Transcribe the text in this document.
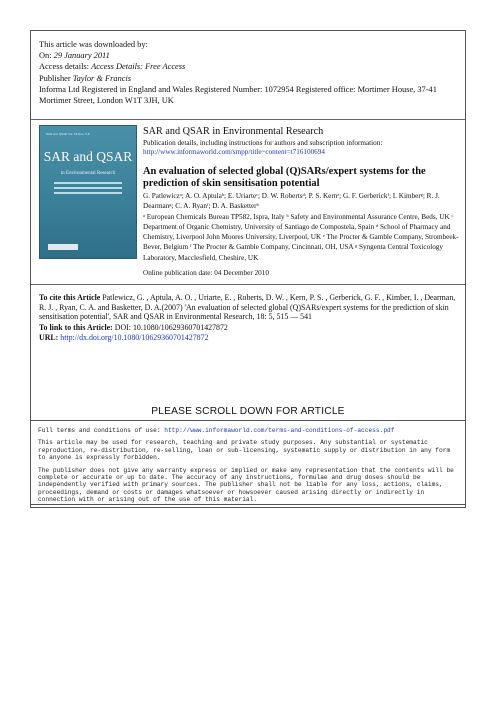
This article was downloaded by:
On: 29 January 2011
Access details: Access Details: Free Access
Publisher Taylor & Francis
Informa Ltd Registered in England and Wales Registered Number: 1072954 Registered office: Mortimer House, 37-41 Mortimer Street, London W1T 3JH, UK
SAR and QSAR Vol. 18 Nos. 5-6
SAR and QSAR
in Environmental Research
SAR and QSAR in Environmental Research
Publication details, including instructions for authors and subscription information:
http://www.informaworld.com/smpp/title~content=t716100694
An evaluation of selected global (Q)SARs/expert systems for the prediction of skin sensitisation potential
G. Patlewiczᵃ; A. O. Aptulaᵇ; E. Uriarteᶜ; D. W. Robertsᵈ; P. S. Kernᵉ; G. F. Gerberickᶠ; I. Kimberᵍ; R. J. Dearmanᵍ; C. A. Ryanᶠ; D. A. Basketterᵇ
ᵃ European Chemicals Bureau TP582, Ispra, Italy ᵇ Safety and Environmental Assurance Centre, Beds, UK ᶜ Department of Organic Chemistry, University of Santiago de Compostela, Spain ᵈ School of Pharmacy and Chemistry, Liverpool John Moores University, Liverpool, UK ᵉ The Procter & Gamble Company, Strombeek-Bever, Belgium ᶠ The Procter & Gamble Company, Cincinnati, OH, USA ᵍ Syngenta Central Toxicology Laboratory, Macclesfield, Cheshire, UK
Online publication date: 04 December 2010
To cite this Article Patlewicz, G. , Aptula, A. O. , Uriarte, E. , Roberts, D. W. , Kern, P. S. , Gerberick, G. F. , Kimber, I. , Dearman, R. J. , Ryan, C. A. and Basketter, D. A.(2007) 'An evaluation of selected global (Q)SARs/expert systems for the prediction of skin sensitisation potential', SAR and QSAR in Environmental Research, 18: 5, 515 — 541
To link to this Article: DOI: 10.1080/10629360701427872
URL: http://dx.doi.org/10.1080/10629360701427872
PLEASE SCROLL DOWN FOR ARTICLE

Full terms and conditions of use: http://www.informaworld.com/terms-and-conditions-of-access.pdf

This article may be used for research, teaching and private study purposes. Any substantial or systematic reproduction, re-distribution, re-selling, loan or sub-licensing, systematic supply or distribution in any form to anyone is expressly forbidden.

The publisher does not give any warranty express or implied or make any representation that the contents will be complete or accurate or up to date. The accuracy of any instructions, formulae and drug doses should be independently verified with primary sources. The publisher shall not be liable for any loss, actions, claims, proceedings, demand or costs or damages whatsoever or howsoever caused arising directly or indirectly in connection with or arising out of the use of this material.
